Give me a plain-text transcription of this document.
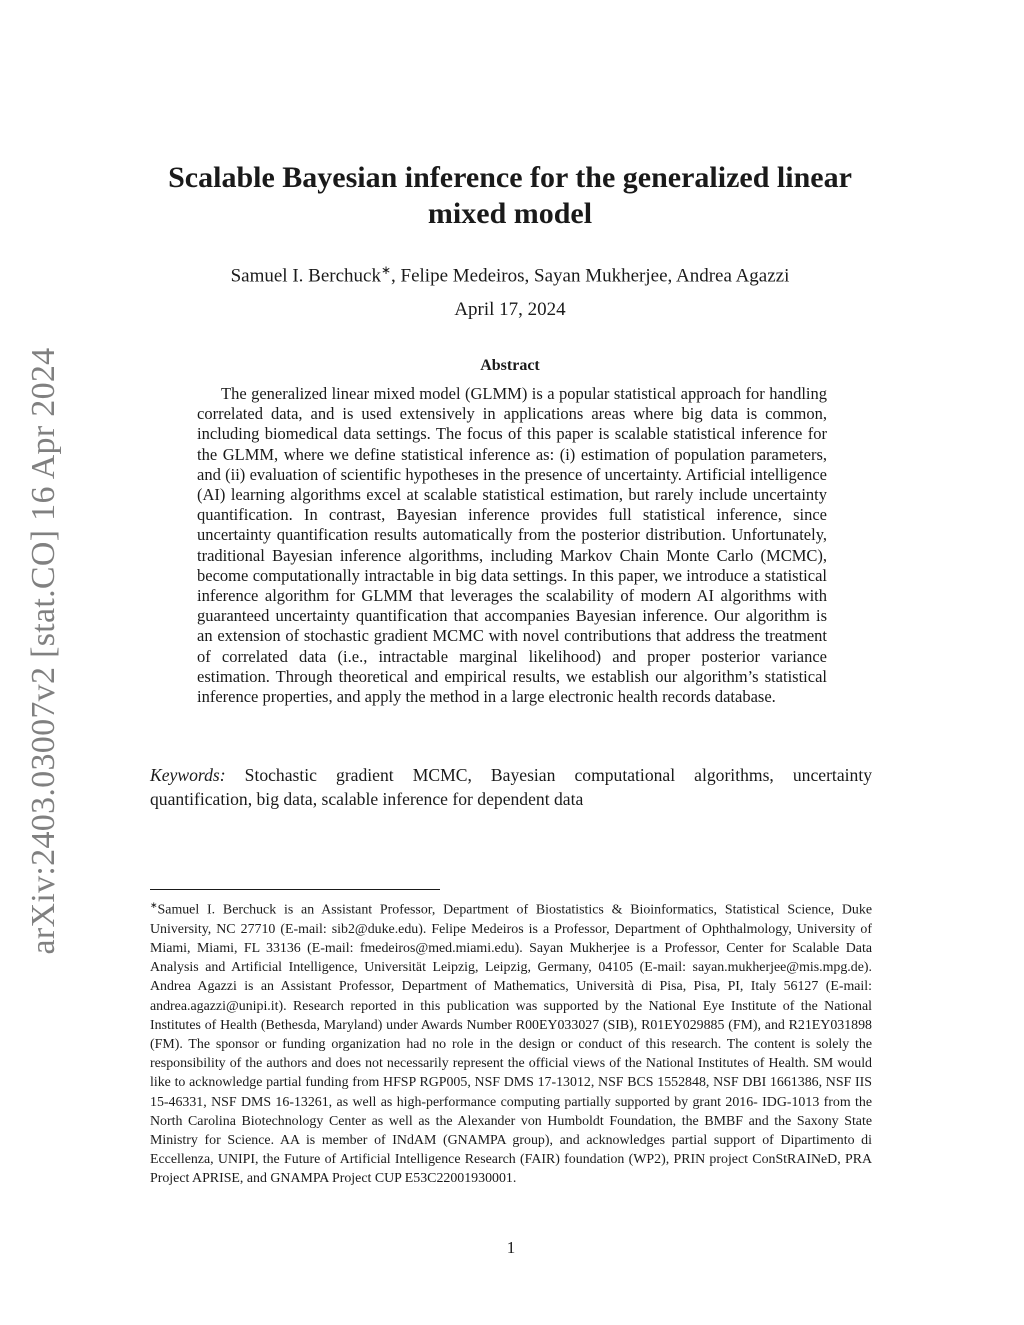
arXiv:2403.03007v2 [stat.CO] 16 Apr 2024
Scalable Bayesian inference for the generalized linear mixed model
Samuel I. Berchuck∗, Felipe Medeiros, Sayan Mukherjee, Andrea Agazzi
April 17, 2024
Abstract

The generalized linear mixed model (GLMM) is a popular statistical approach for handling correlated data, and is used extensively in applications areas where big data is common, including biomedical data settings. The focus of this paper is scalable statistical inference for the GLMM, where we define statistical inference as: (i) estimation of population parameters, and (ii) evaluation of scientific hypotheses in the presence of uncertainty. Artificial intelligence (AI) learning algorithms excel at scalable statistical estimation, but rarely include uncertainty quantification. In contrast, Bayesian inference provides full statistical inference, since uncertainty quantification results automatically from the posterior distribution. Unfortunately, traditional Bayesian inference algorithms, including Markov Chain Monte Carlo (MCMC), become computationally intractable in big data settings. In this paper, we introduce a statistical inference algorithm for GLMM that leverages the scalability of modern AI algorithms with guaranteed uncertainty quantification that accompanies Bayesian inference. Our algorithm is an extension of stochastic gradient MCMC with novel contributions that address the treatment of correlated data (i.e., intractable marginal likelihood) and proper posterior variance estimation. Through theoretical and empirical results, we establish our algorithm’s statistical inference properties, and apply the method in a large electronic health records database.

Keywords: Stochastic gradient MCMC, Bayesian computational algorithms, uncertainty quantification, big data, scalable inference for dependent data

∗Samuel I. Berchuck is an Assistant Professor, Department of Biostatistics & Bioinformatics, Statistical Science, Duke University, NC 27710 (E-mail: sib2@duke.edu). Felipe Medeiros is a Professor, Department of Ophthalmology, University of Miami, Miami, FL 33136 (E-mail: fmedeiros@med.miami.edu). Sayan Mukherjee is a Professor, Center for Scalable Data Analysis and Artificial Intelligence, Universität Leipzig, Leipzig, Germany, 04105 (E-mail: sayan.mukherjee@mis.mpg.de). Andrea Agazzi is an Assistant Professor, Department of Mathematics, Università di Pisa, Pisa, PI, Italy 56127 (E-mail: andrea.agazzi@unipi.it). Research reported in this publication was supported by the National Eye Institute of the National Institutes of Health (Bethesda, Maryland) under Awards Number R00EY033027 (SIB), R01EY029885 (FM), and R21EY031898 (FM). The sponsor or funding organization had no role in the design or conduct of this research. The content is solely the responsibility of the authors and does not necessarily represent the official views of the National Institutes of Health. SM would like to acknowledge partial funding from HFSP RGP005, NSF DMS 17-13012, NSF BCS 1552848, NSF DBI 1661386, NSF IIS 15-46331, NSF DMS 16-13261, as well as high-performance computing partially supported by grant 2016- IDG-1013 from the North Carolina Biotechnology Center as well as the Alexander von Humboldt Foundation, the BMBF and the Saxony State Ministry for Science. AA is member of INdAM (GNAMPA group), and acknowledges partial support of Dipartimento di Eccellenza, UNIPI, the Future of Artificial Intelligence Research (FAIR) foundation (WP2), PRIN project ConStRAINeD, PRA Project APRISE, and GNAMPA Project CUP E53C22001930001.

1
